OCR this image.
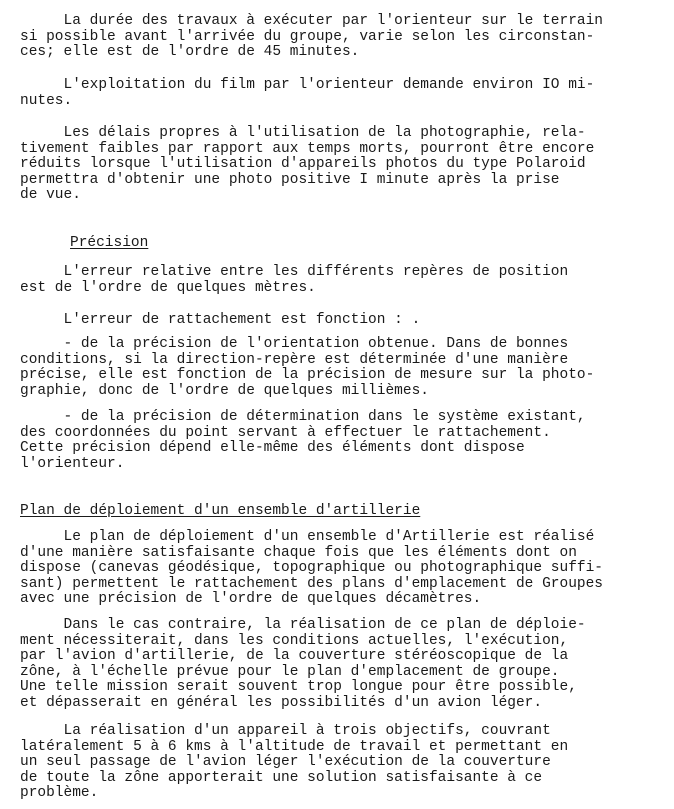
La durée des travaux à exécuter par l'orienteur sur le terrain
si possible avant l'arrivée du groupe, varie selon les circonstan-
ces; elle est de l'ordre de 45 minutes.

L'exploitation du film par l'orienteur demande environ IO mi-
nutes.

Les délais propres à l'utilisation de la photographie, rela-
tivement faibles par rapport aux temps morts, pourront être encore
réduits lorsque l'utilisation d'appareils photos du type Polaroid
permettra d'obtenir une photo positive I minute après la prise
de vue.

Précision

L'erreur relative entre les différents repères de position
est de l'ordre de quelques mètres.

L'erreur de rattachement est fonction : .

- de la précision de l'orientation obtenue. Dans de bonnes
conditions, si la direction-repère est déterminée d'une manière
précise, elle est fonction de la précision de mesure sur la photo-
graphie, donc de l'ordre de quelques millièmes.

- de la précision de détermination dans le système existant,
des coordonnées du point servant à effectuer le rattachement.
Cette précision dépend elle-même des éléments dont dispose
l'orienteur.

Plan de déploiement d'un ensemble d'artillerie

Le plan de déploiement d'un ensemble d'Artillerie est réalisé
d'une manière satisfaisante chaque fois que les éléments dont on
dispose (canevas géodésique, topographique ou photographique suffi-
sant) permettent le rattachement des plans d'emplacement de Groupes
avec une précision de l'ordre de quelques décamètres.

Dans le cas contraire, la réalisation de ce plan de déploie-
ment nécessiterait, dans les conditions actuelles, l'exécution,
par l'avion d'artillerie, de la couverture stéréoscopique de la
zône, à l'échelle prévue pour le plan d'emplacement de groupe.
Une telle mission serait souvent trop longue pour être possible,
et dépasserait en général les possibilités d'un avion léger.

La réalisation d'un appareil à trois objectifs, couvrant
latéralement 5 à 6 kms à l'altitude de travail et permettant en
un seul passage de l'avion léger l'exécution de la couverture
de toute la zône apporterait une solution satisfaisante à ce
problème.
